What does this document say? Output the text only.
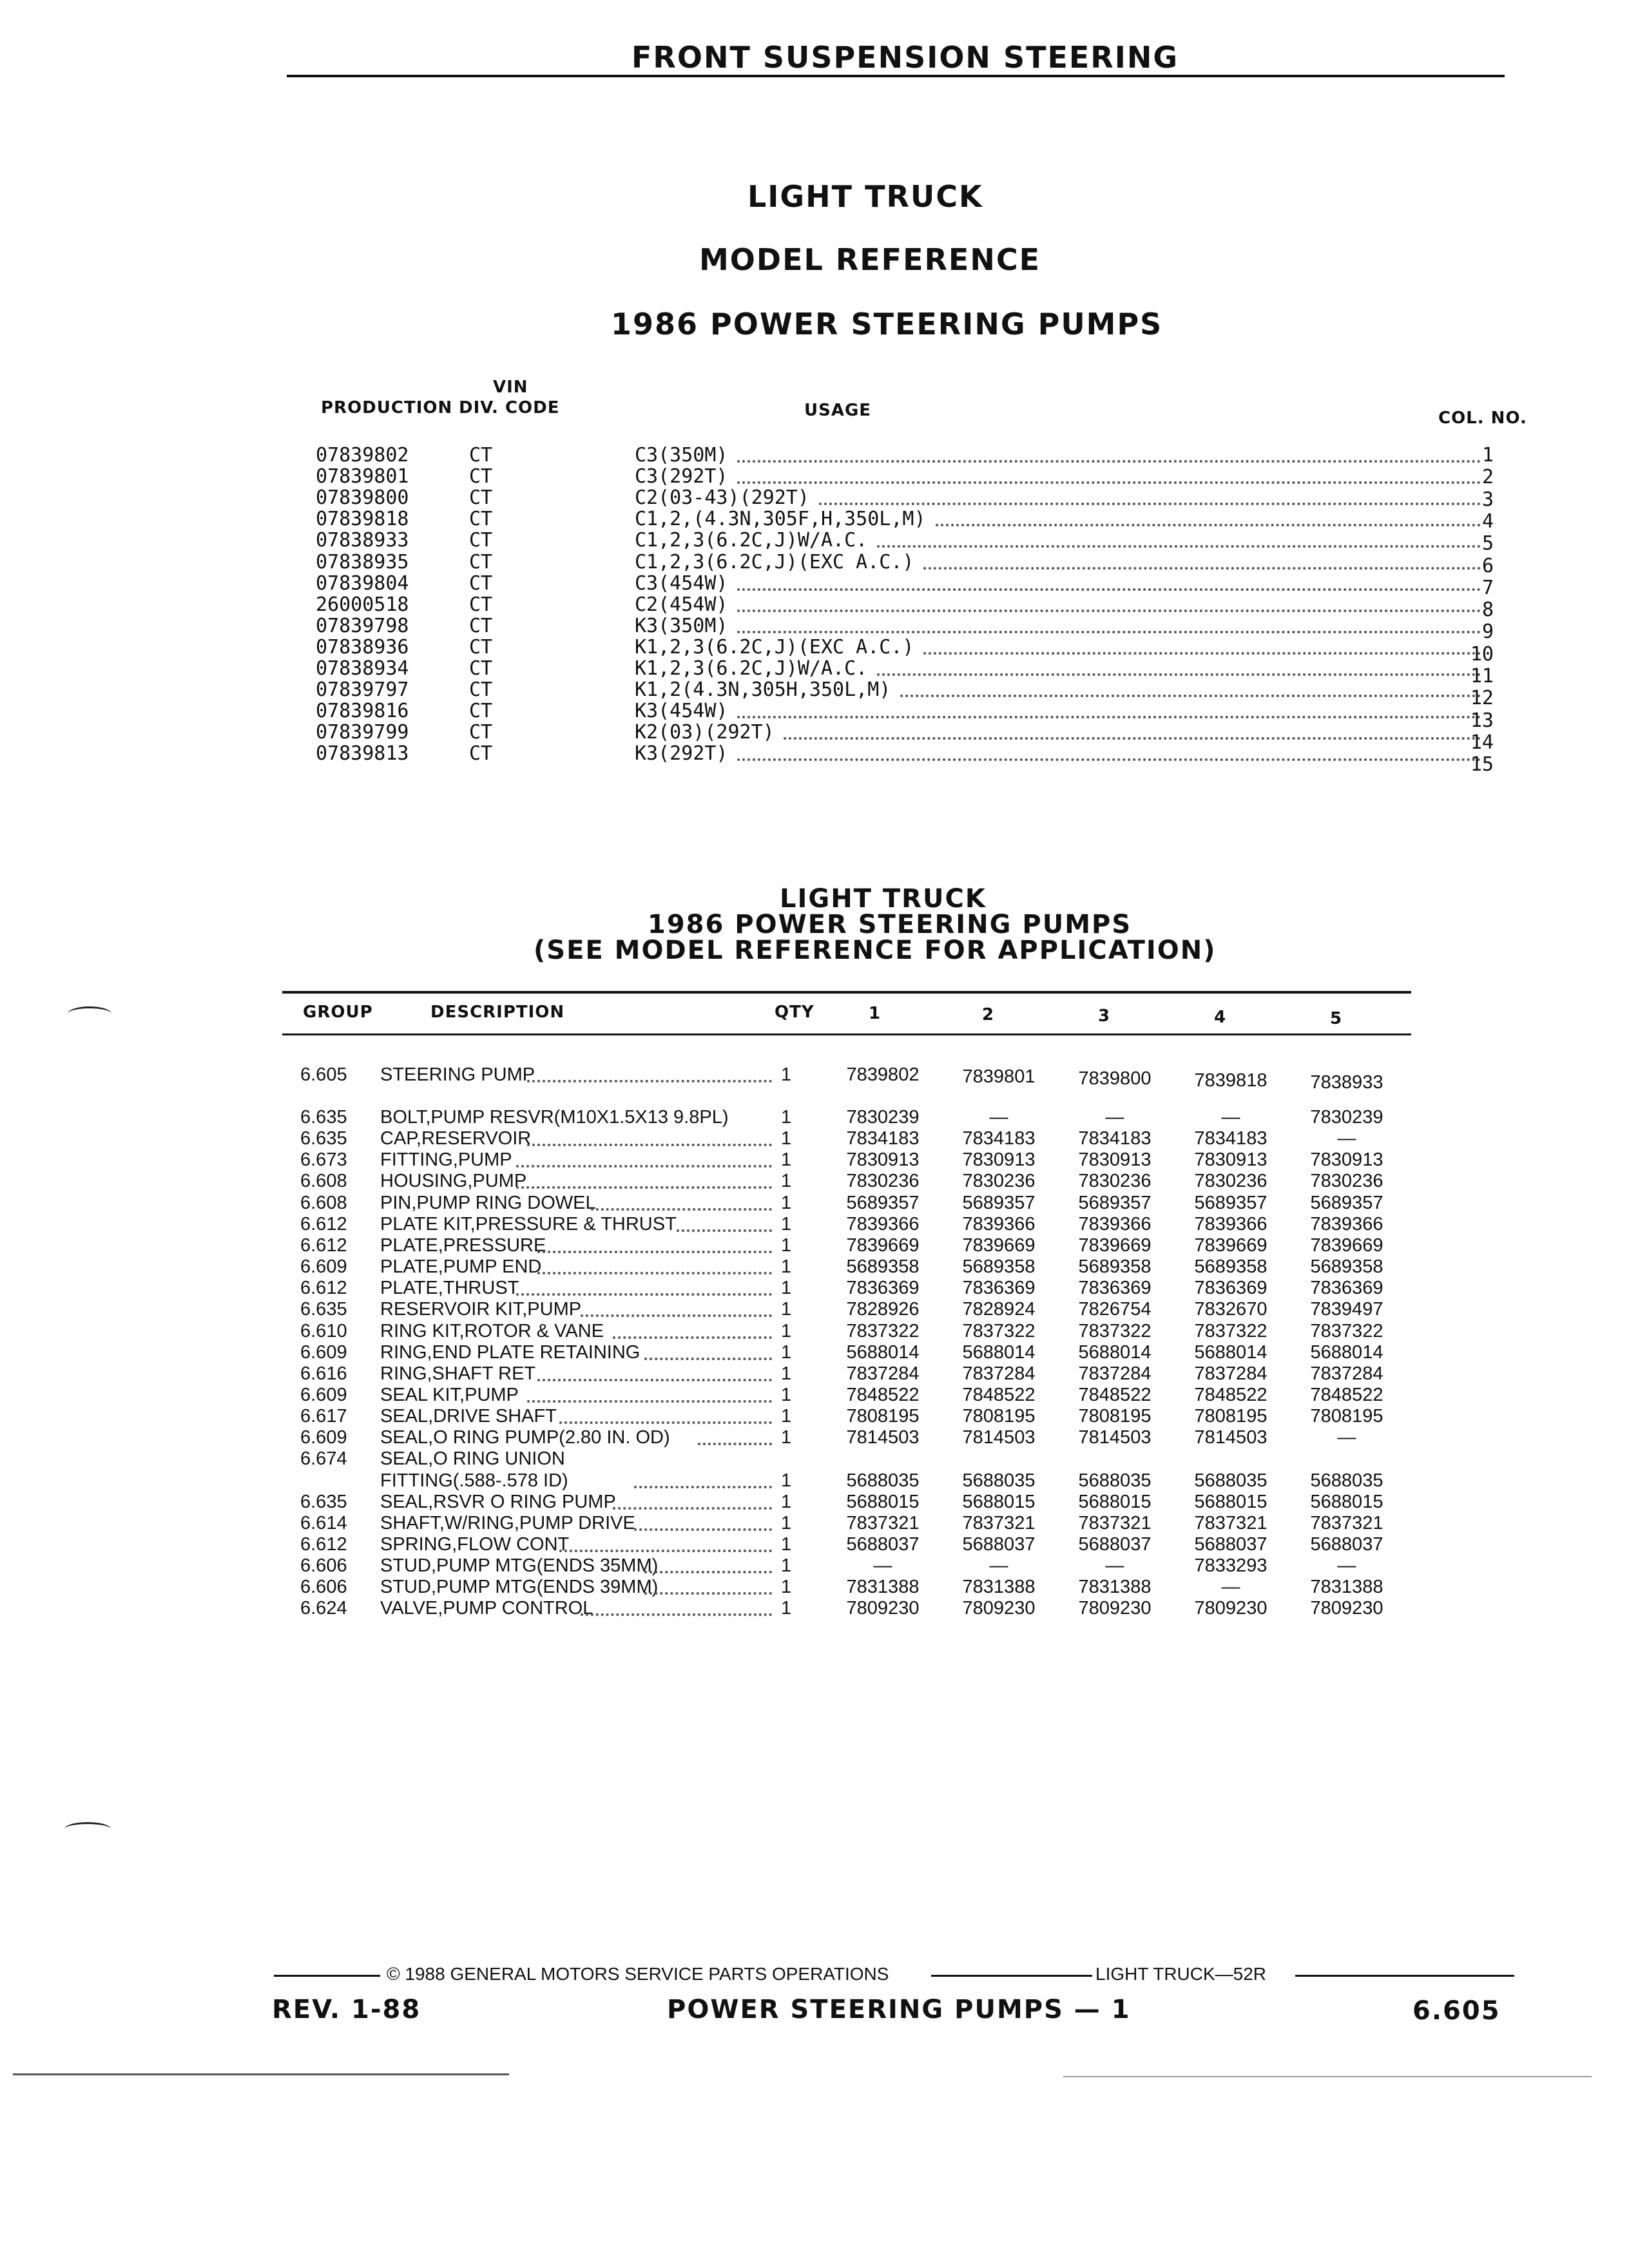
FRONT SUSPENSION STEERING
LIGHT TRUCK
MODEL REFERENCE
1986 POWER STEERING PUMPS
VIN
PRODUCTION DIV. CODE	USAGE	COL. NO.
07839802	CT	C3(350M)	1
07839801	CT	C3(292T)	2
07839800	CT	C2(03-43)(292T)	3
07839818	CT	C1,2,(4.3N,305F,H,350L,M)	4
07838933	CT	C1,2,3(6.2C,J)W/A.C.	5
07838935	CT	C1,2,3(6.2C,J)(EXC A.C.)	6
07839804	CT	C3(454W)	7
26000518	CT	C2(454W)	8
07839798	CT	K3(350M)	9
07838936	CT	K1,2,3(6.2C,J)(EXC A.C.)	10
07838934	CT	K1,2,3(6.2C,J)W/A.C.	11
07839797	CT	K1,2(4.3N,305H,350L,M)	12
07839816	CT	K3(454W)	13
07839799	CT	K2(03)(292T)	14
07839813	CT	K3(292T)	15
LIGHT TRUCK
1986 POWER STEERING PUMPS
(SEE MODEL REFERENCE FOR APPLICATION)
GROUP	DESCRIPTION	QTY	1	2	3	4	5
6.605 STEERING PUMP	1	7839802	7839801	7839800	7839818	7838933
6.635 BOLT,PUMP RESVR(M10X1.5X13 9.8PL)	1	7830239	—	—	—	7830239
6.635 CAP,RESERVOIR	1	7834183	7834183	7834183	7834183	—
6.673 FITTING,PUMP	1	7830913	7830913	7830913	7830913	7830913
6.608 HOUSING,PUMP	1	7830236	7830236	7830236	7830236	7830236
6.608 PIN,PUMP RING DOWEL	1	5689357	5689357	5689357	5689357	5689357
6.612 PLATE KIT,PRESSURE & THRUST	1	7839366	7839366	7839366	7839366	7839366
6.612 PLATE,PRESSURE	1	7839669	7839669	7839669	7839669	7839669
6.609 PLATE,PUMP END	1	5689358	5689358	5689358	5689358	5689358
6.612 PLATE,THRUST	1	7836369	7836369	7836369	7836369	7836369
6.635 RESERVOIR KIT,PUMP	1	7828926	7828924	7826754	7832670	7839497
6.610 RING KIT,ROTOR & VANE	1	7837322	7837322	7837322	7837322	7837322
6.609 RING,END PLATE RETAINING	1	5688014	5688014	5688014	5688014	5688014
6.616 RING,SHAFT RET	1	7837284	7837284	7837284	7837284	7837284
6.609 SEAL KIT,PUMP	1	7848522	7848522	7848522	7848522	7848522
6.617 SEAL,DRIVE SHAFT	1	7808195	7808195	7808195	7808195	7808195
6.609 SEAL,O RING PUMP(2.80 IN. OD)	1	7814503	7814503	7814503	7814503	—
6.674 SEAL,O RING UNION
FITTING(.588-.578 ID)	1	5688035	5688035	5688035	5688035	5688035
6.635 SEAL,RSVR O RING PUMP	1	5688015	5688015	5688015	5688015	5688015
6.614 SHAFT,W/RING,PUMP DRIVE	1	7837321	7837321	7837321	7837321	7837321
6.612 SPRING,FLOW CONT	1	5688037	5688037	5688037	5688037	5688037
6.606 STUD,PUMP MTG(ENDS 35MM)	1	—	—	—	7833293	—
6.606 STUD,PUMP MTG(ENDS 39MM)	1	7831388	7831388	7831388	—	7831388
6.624 VALVE,PUMP CONTROL	1	7809230	7809230	7809230	7809230	7809230
© 1988 GENERAL MOTORS SERVICE PARTS OPERATIONS	LIGHT TRUCK—52R
REV. 1-88	POWER STEERING PUMPS — 1	6.605
